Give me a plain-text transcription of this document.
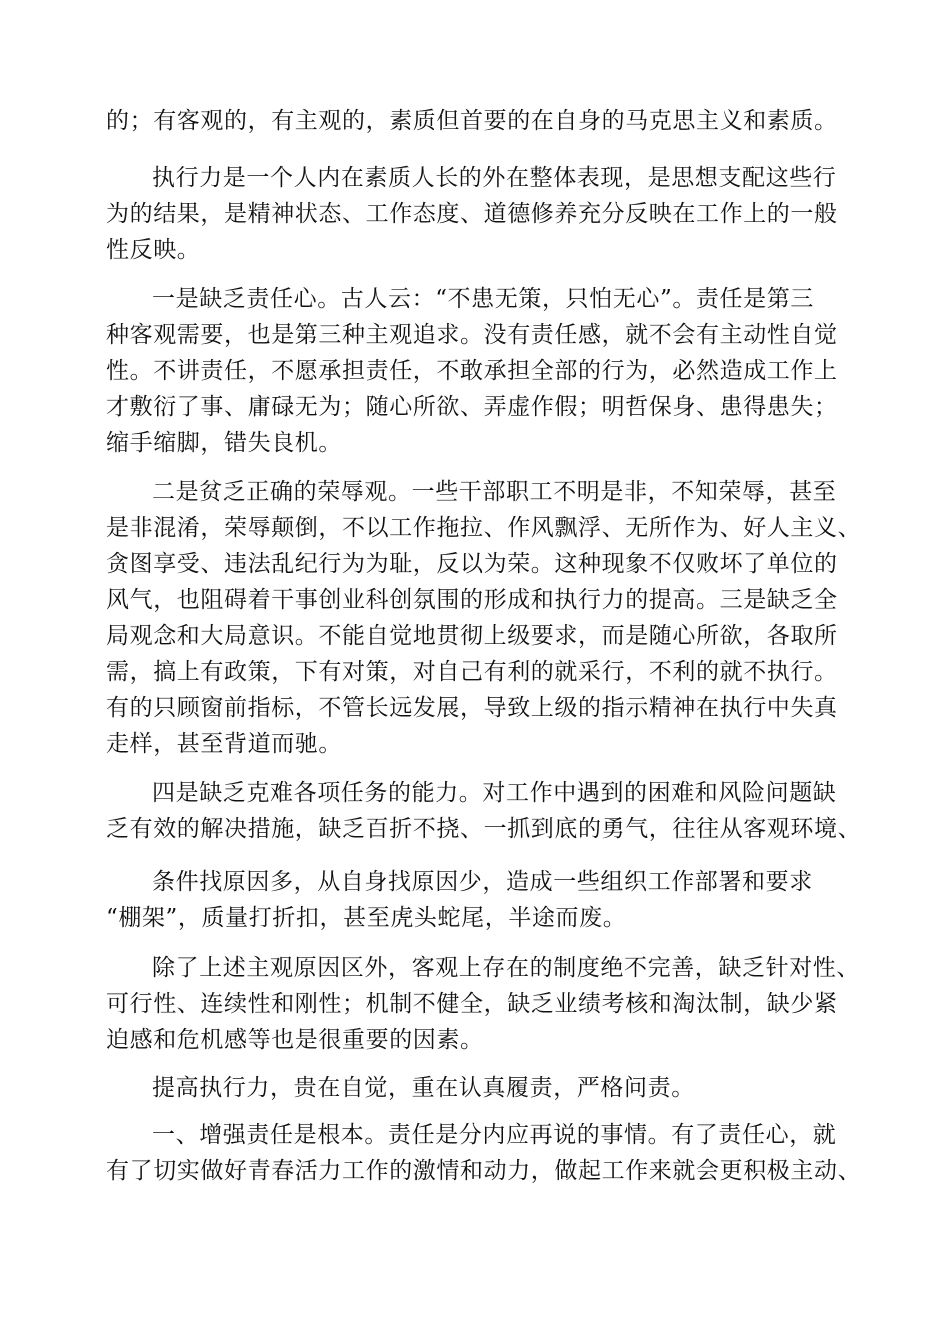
的；有客观的，有主观的，素质但首要的在自身的马克思主义和素质。
执行力是一个人内在素质人长的外在整体表现，是思想支配这些行
为的结果，是精神状态、工作态度、道德修养充分反映在工作上的一般
性反映。
一是缺乏责任心。古人云：“不患无策，只怕无心”。责任是第三
种客观需要，也是第三种主观追求。没有责任感，就不会有主动性自觉
性。不讲责任，不愿承担责任，不敢承担全部的行为，必然造成工作上
才敷衍了事、庸碌无为；随心所欲、弄虚作假；明哲保身、患得患失；
缩手缩脚，错失良机。
二是贫乏正确的荣辱观。一些干部职工不明是非，不知荣辱，甚至
是非混淆，荣辱颠倒，不以工作拖拉、作风飘浮、无所作为、好人主义、
贪图享受、违法乱纪行为为耻，反以为荣。这种现象不仅败坏了单位的
风气，也阻碍着干事创业科创氛围的形成和执行力的提高。三是缺乏全
局观念和大局意识。不能自觉地贯彻上级要求，而是随心所欲，各取所
需，搞上有政策，下有对策，对自己有利的就采行，不利的就不执行。
有的只顾窗前指标，不管长远发展，导致上级的指示精神在执行中失真
走样，甚至背道而驰。
四是缺乏克难各项任务的能力。对工作中遇到的困难和风险问题缺
乏有效的解决措施，缺乏百折不挠、一抓到底的勇气，往往从客观环境、
条件找原因多，从自身找原因少，造成一些组织工作部署和要求
“棚架”，质量打折扣，甚至虎头蛇尾，半途而废。
除了上述主观原因区外，客观上存在的制度绝不完善，缺乏针对性、
可行性、连续性和刚性；机制不健全，缺乏业绩考核和淘汰制，缺少紧
迫感和危机感等也是很重要的因素。
提高执行力，贵在自觉，重在认真履责，严格问责。
一、增强责任是根本。责任是分内应再说的事情。有了责任心，就
有了切实做好青春活力工作的激情和动力，做起工作来就会更积极主动、
